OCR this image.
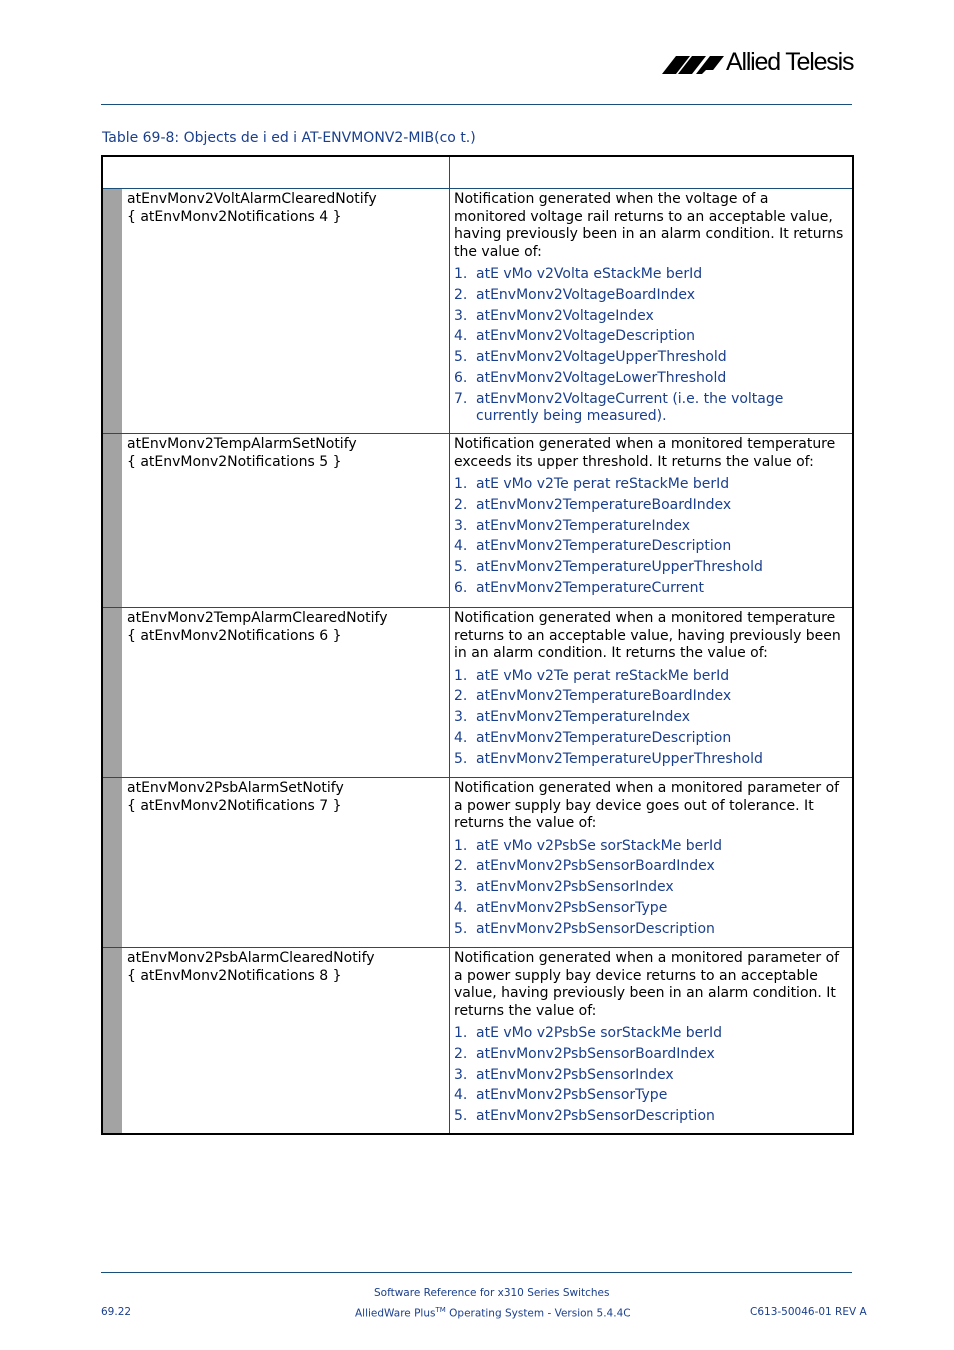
Allied Telesis
Table 69-8: Objects de i ed i AT-ENVMONV2-MIB(co t.)
atEnvMonv2VoltAlarmClearedNotify
{ atEnvMonv2Notifications 4 }

Notification generated when the voltage of a monitored voltage rail returns to an acceptable value, having previously been in an alarm condition. It returns the value of:

1. atE vMo v2Volta eStackMe berId
2. atEnvMonv2VoltageBoardIndex
3. atEnvMonv2VoltageIndex
4. atEnvMonv2VoltageDescription
5. atEnvMonv2VoltageUpperThreshold
6. atEnvMonv2VoltageLowerThreshold
7. atEnvMonv2VoltageCurrent (i.e. the voltage currently being measured).
atEnvMonv2TempAlarmSetNotify
{ atEnvMonv2Notifications 5 }

Notification generated when a monitored temperature exceeds its upper threshold. It returns the value of:

1. atE vMo v2Te perat reStackMe berId
2. atEnvMonv2TemperatureBoardIndex
3. atEnvMonv2TemperatureIndex
4. atEnvMonv2TemperatureDescription
5. atEnvMonv2TemperatureUpperThreshold
6. atEnvMonv2TemperatureCurrent
atEnvMonv2TempAlarmClearedNotify
{ atEnvMonv2Notifications 6 }

Notification generated when a monitored temperature returns to an acceptable value, having previously been in an alarm condition. It returns the value of:

1. atE vMo v2Te perat reStackMe berId
2. atEnvMonv2TemperatureBoardIndex
3. atEnvMonv2TemperatureIndex
4. atEnvMonv2TemperatureDescription
5. atEnvMonv2TemperatureUpperThreshold
atEnvMonv2PsbAlarmSetNotify
{ atEnvMonv2Notifications 7 }

Notification generated when a monitored parameter of a power supply bay device goes out of tolerance. It returns the value of:

1. atE vMo v2PsbSe sorStackMe berId
2. atEnvMonv2PsbSensorBoardIndex
3. atEnvMonv2PsbSensorIndex
4. atEnvMonv2PsbSensorType
5. atEnvMonv2PsbSensorDescription
atEnvMonv2PsbAlarmClearedNotify
{ atEnvMonv2Notifications 8 }

Notification generated when a monitored parameter of a power supply bay device returns to an acceptable value, having previously been in an alarm condition. It returns the value of:

1. atE vMo v2PsbSe sorStackMe berId
2. atEnvMonv2PsbSensorBoardIndex
3. atEnvMonv2PsbSensorIndex
4. atEnvMonv2PsbSensorType
5. atEnvMonv2PsbSensorDescription
Software Reference for x310 Series Switches
69.22	AlliedWare Plus™ Operating System - Version 5.4.4C	C613-50046-01 REV A
